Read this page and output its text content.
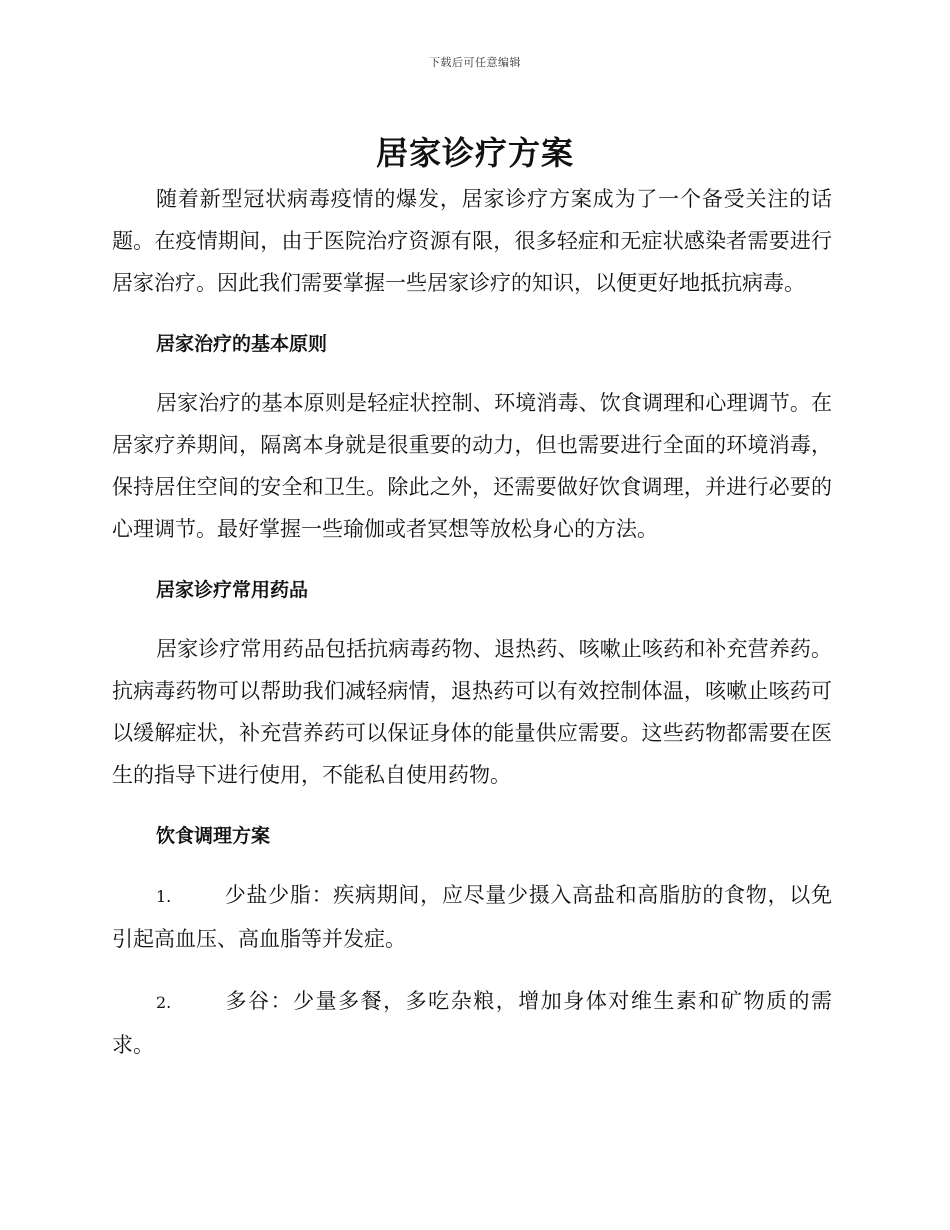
下载后可任意编辑
居家诊疗方案

随着新型冠状病毒疫情的爆发，居家诊疗方案成为了一个备受关注的话题。在疫情期间，由于医院治疗资源有限，很多轻症和无症状感染者需要进行居家治疗。因此我们需要掌握一些居家诊疗的知识，以便更好地抵抗病毒。

居家治疗的基本原则

居家治疗的基本原则是轻症状控制、环境消毒、饮食调理和心理调节。在居家疗养期间，隔离本身就是很重要的动力，但也需要进行全面的环境消毒，保持居住空间的安全和卫生。除此之外，还需要做好饮食调理，并进行必要的心理调节。最好掌握一些瑜伽或者冥想等放松身心的方法。

居家诊疗常用药品

居家诊疗常用药品包括抗病毒药物、退热药、咳嗽止咳药和补充营养药。抗病毒药物可以帮助我们减轻病情，退热药可以有效控制体温，咳嗽止咳药可以缓解症状，补充营养药可以保证身体的能量供应需要。这些药物都需要在医生的指导下进行使用，不能私自使用药物。

饮食调理方案

1.	少盐少脂：疾病期间，应尽量少摄入高盐和高脂肪的食物，以免引起高血压、高血脂等并发症。

2.	多谷：少量多餐，多吃杂粮，增加身体对维生素和矿物质的需求。
